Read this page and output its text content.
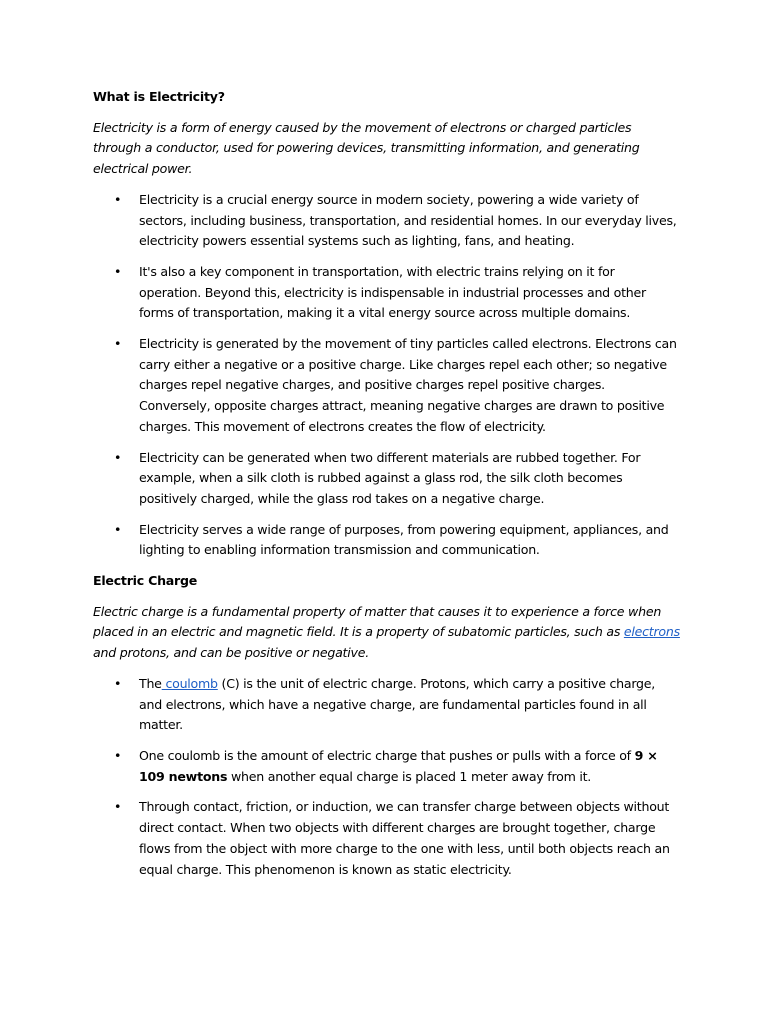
What is Electricity?

Electricity is a form of energy caused by the movement of electrons or charged particles through a conductor, used for powering devices, transmitting information, and generating electrical power.

• Electricity is a crucial energy source in modern society, powering a wide variety of sectors, including business, transportation, and residential homes. In our everyday lives, electricity powers essential systems such as lighting, fans, and heating.
• It's also a key component in transportation, with electric trains relying on it for operation. Beyond this, electricity is indispensable in industrial processes and other forms of transportation, making it a vital energy source across multiple domains.
• Electricity is generated by the movement of tiny particles called electrons. Electrons can carry either a negative or a positive charge. Like charges repel each other; so negative charges repel negative charges, and positive charges repel positive charges. Conversely, opposite charges attract, meaning negative charges are drawn to positive charges. This movement of electrons creates the flow of electricity.
• Electricity can be generated when two different materials are rubbed together. For example, when a silk cloth is rubbed against a glass rod, the silk cloth becomes positively charged, while the glass rod takes on a negative charge.
• Electricity serves a wide range of purposes, from powering equipment, appliances, and lighting to enabling information transmission and communication.

Electric Charge

Electric charge is a fundamental property of matter that causes it to experience a force when placed in an electric and magnetic field. It is a property of subatomic particles, such as electrons and protons, and can be positive or negative.

• The coulomb (C) is the unit of electric charge. Protons, which carry a positive charge, and electrons, which have a negative charge, are fundamental particles found in all matter.
• One coulomb is the amount of electric charge that pushes or pulls with a force of 9 × 109 newtons when another equal charge is placed 1 meter away from it.
• Through contact, friction, or induction, we can transfer charge between objects without direct contact. When two objects with different charges are brought together, charge flows from the object with more charge to the one with less, until both objects reach an equal charge. This phenomenon is known as static electricity.
